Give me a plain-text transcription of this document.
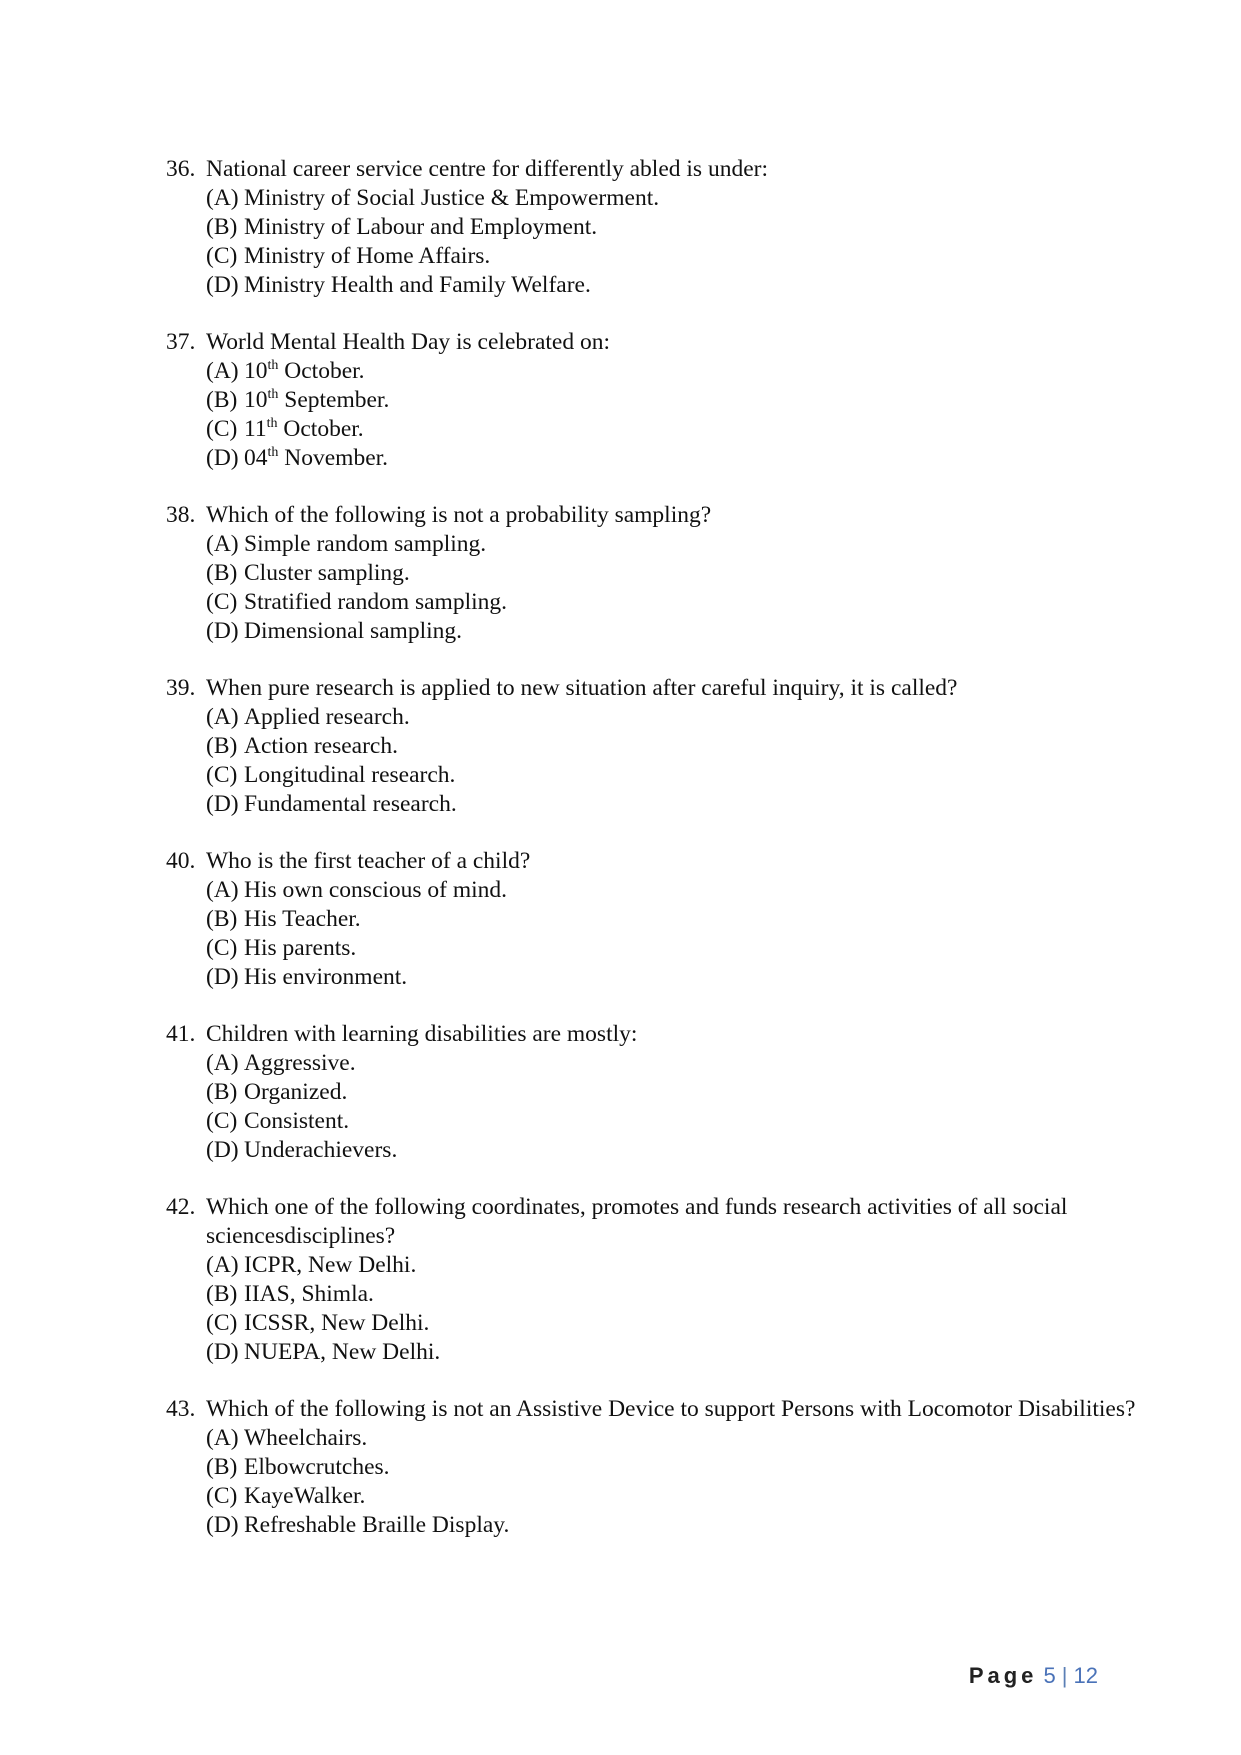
36. National career service centre for differently abled is under:
(A) Ministry of Social Justice & Empowerment.
(B) Ministry of Labour and Employment.
(C) Ministry of Home Affairs.
(D) Ministry Health and Family Welfare.
37. World Mental Health Day is celebrated on:
(A) 10th October.
(B) 10th September.
(C) 11th October.
(D) 04th November.
38. Which of the following is not a probability sampling?
(A) Simple random sampling.
(B) Cluster sampling.
(C) Stratified random sampling.
(D) Dimensional sampling.
39. When pure research is applied to new situation after careful inquiry, it is called?
(A) Applied research.
(B) Action research.
(C) Longitudinal research.
(D) Fundamental research.
40. Who is the first teacher of a child?
(A) His own conscious of mind.
(B) His Teacher.
(C) His parents.
(D) His environment.
41. Children with learning disabilities are mostly:
(A) Aggressive.
(B) Organized.
(C) Consistent.
(D) Underachievers.
42. Which one of the following coordinates, promotes and funds research activities of all social sciencesdisciplines?
(A) ICPR, New Delhi.
(B) IIAS, Shimla.
(C) ICSSR, New Delhi.
(D) NUEPA, New Delhi.
43. Which of the following is not an Assistive Device to support Persons with Locomotor Disabilities?
(A) Wheelchairs.
(B) Elbowcrutches.
(C) KayeWalker.
(D) Refreshable Braille Display.
Page 5 | 12
